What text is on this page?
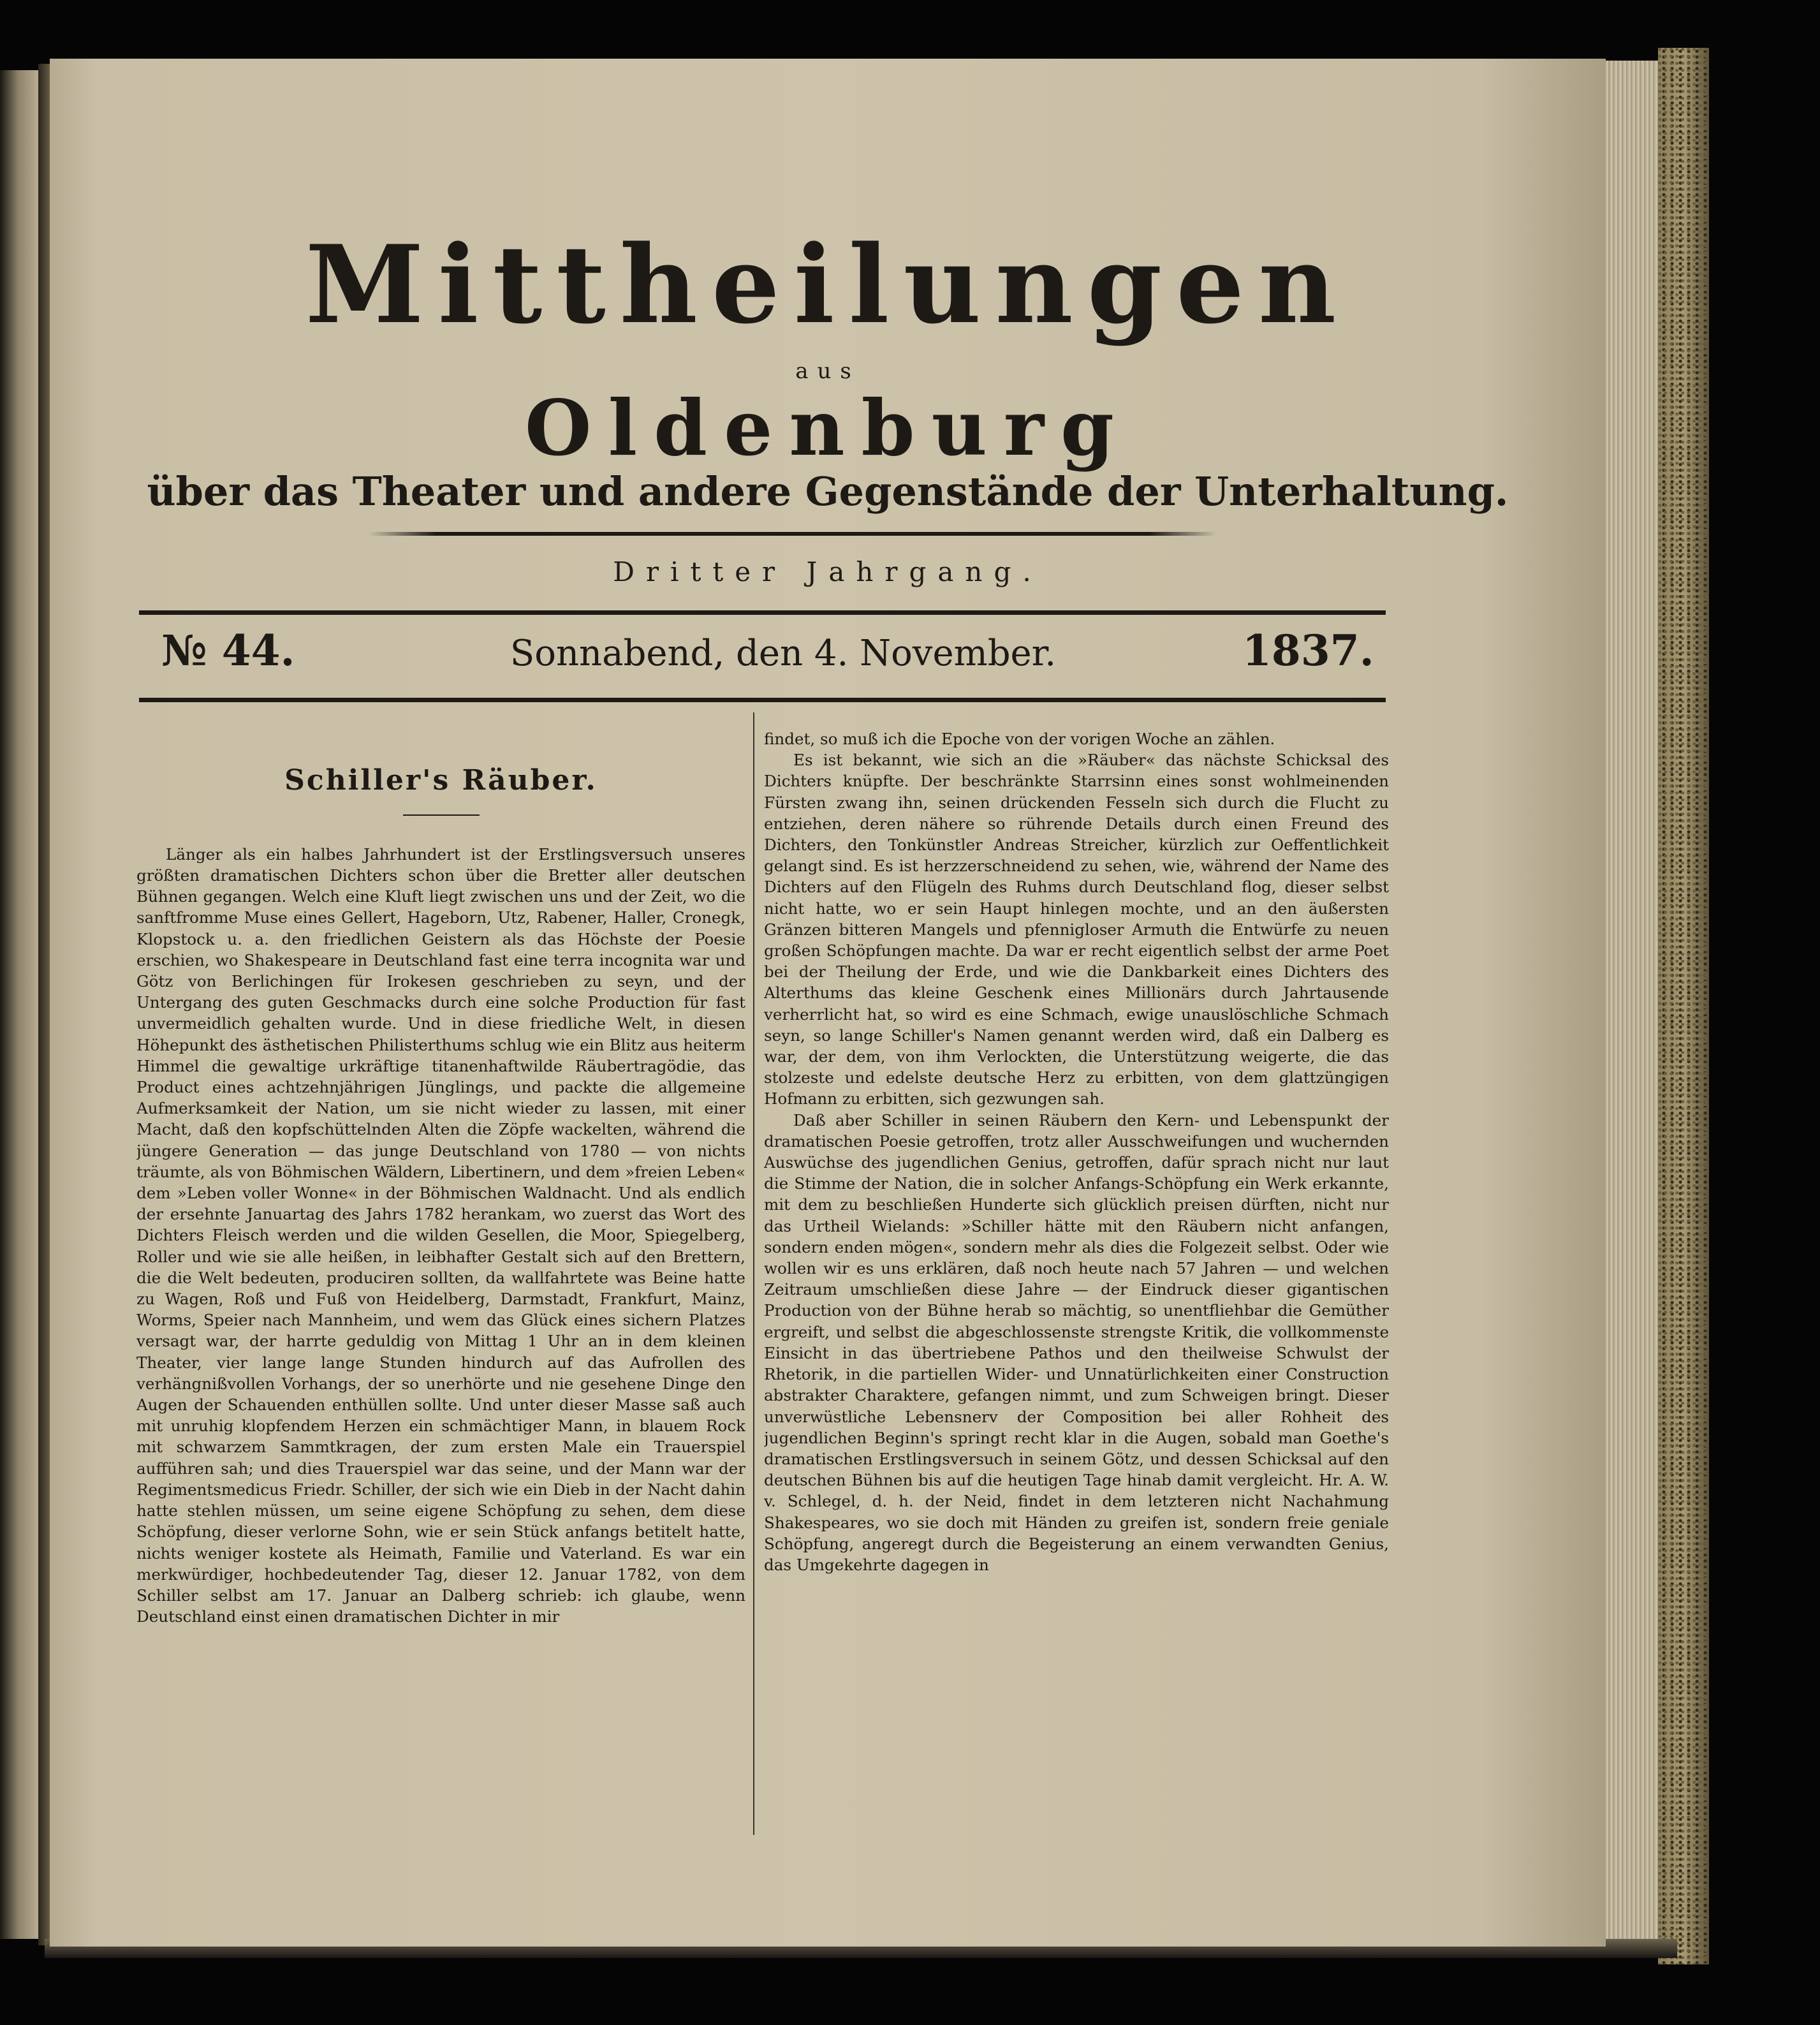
Mittheilungen
aus
Oldenburg
über das Theater und andere Gegenstände der Unterhaltung.
Dritter Jahrgang.
№ 44.	Sonnabend, den 4. November.	1837.
Schiller's Räuber.
Länger als ein halbes Jahrhundert ist der Erstlingsversuch unseres größten dramatischen Dichters schon über die Bretter aller deutschen Bühnen gegangen. Welch eine Kluft liegt zwischen uns und der Zeit, wo die sanftfromme Muse eines Gellert, Hageborn, Utz, Rabener, Haller, Cronegk, Klopstock u. a. den friedlichen Geistern als das Höchste der Poesie erschien, wo Shakespeare in Deutschland fast eine terra incognita war und Götz von Berlichingen für Irokesen geschrieben zu seyn, und der Untergang des guten Geschmacks durch eine solche Production für fast unvermeidlich gehalten wurde. Und in diese friedliche Welt, in diesen Höhepunkt des ästhetischen Philisterthums schlug wie ein Blitz aus heiterm Himmel die gewaltige urkräftige titanenhaftwilde Räubertragödie, das Product eines achtzehnjährigen Jünglings, und packte die allgemeine Aufmerksamkeit der Nation, um sie nicht wieder zu lassen, mit einer Macht, daß den kopfschüttelnden Alten die Zöpfe wackelten, während die jüngere Generation — das junge Deutschland von 1780 — von nichts träumte, als von Böhmischen Wäldern, Libertinern, und dem »freien Leben« dem »Leben voller Wonne« in der Böhmischen Waldnacht. Und als endlich der ersehnte Januartag des Jahrs 1782 herankam, wo zuerst das Wort des Dichters Fleisch werden und die wilden Gesellen, die Moor, Spiegelberg, Roller und wie sie alle heißen, in leibhafter Gestalt sich auf den Brettern, die die Welt bedeuten, produciren sollten, da wallfahrtete was Beine hatte zu Wagen, Roß und Fuß von Heidelberg, Darmstadt, Frankfurt, Mainz, Worms, Speier nach Mannheim, und wem das Glück eines sichern Platzes versagt war, der harrte geduldig von Mittag 1 Uhr an in dem kleinen Theater, vier lange lange Stunden hindurch auf das Aufrollen des verhängnißvollen Vorhangs, der so unerhörte und nie gesehene Dinge den Augen der Schauenden enthüllen sollte. Und unter dieser Masse saß auch mit unruhig klopfendem Herzen ein schmächtiger Mann, in blauem Rock mit schwarzem Sammtkragen, der zum ersten Male ein Trauerspiel aufführen sah; und dies Trauerspiel war das seine, und der Mann war der Regimentsmedicus Friedr. Schiller, der sich wie ein Dieb in der Nacht dahin hatte stehlen müssen, um seine eigene Schöpfung zu sehen, dem diese Schöpfung, dieser verlorne Sohn, wie er sein Stück anfangs betitelt hatte, nichts weniger kostete als Heimath, Familie und Vaterland. Es war ein merkwürdiger, hochbedeutender Tag, dieser 12. Januar 1782, von dem Schiller selbst am 17. Januar an Dalberg schrieb: ich glaube, wenn Deutschland einst einen dramatischen Dichter in mir
findet, so muß ich die Epoche von der vorigen Woche an zählen.
Es ist bekannt, wie sich an die »Räuber« das nächste Schicksal des Dichters knüpfte. Der beschränkte Starrsinn eines sonst wohlmeinenden Fürsten zwang ihn, seinen drückenden Fesseln sich durch die Flucht zu entziehen, deren nähere so rührende Details durch einen Freund des Dichters, den Tonkünstler Andreas Streicher, kürzlich zur Oeffentlichkeit gelangt sind. Es ist herzzerschneidend zu sehen, wie, während der Name des Dichters auf den Flügeln des Ruhms durch Deutschland flog, dieser selbst nicht hatte, wo er sein Haupt hinlegen mochte, und an den äußersten Gränzen bitteren Mangels und pfennigloser Armuth die Entwürfe zu neuen großen Schöpfungen machte. Da war er recht eigentlich selbst der arme Poet bei der Theilung der Erde, und wie die Dankbarkeit eines Dichters des Alterthums das kleine Geschenk eines Millionärs durch Jahrtausende verherrlicht hat, so wird es eine Schmach, ewige unauslöschliche Schmach seyn, so lange Schiller's Namen genannt werden wird, daß ein Dalberg es war, der dem, von ihm Verlockten, die Unterstützung weigerte, die das stolzeste und edelste deutsche Herz zu erbitten, von dem glattzüngigen Hofmann zu erbitten, sich gezwungen sah.
Daß aber Schiller in seinen Räubern den Kern- und Lebenspunkt der dramatischen Poesie getroffen, trotz aller Ausschweifungen und wuchernden Auswüchse des jugendlichen Genius, getroffen, dafür sprach nicht nur laut die Stimme der Nation, die in solcher Anfangs-Schöpfung ein Werk erkannte, mit dem zu beschließen Hunderte sich glücklich preisen dürften, nicht nur das Urtheil Wielands: »Schiller hätte mit den Räubern nicht anfangen, sondern enden mögen«, sondern mehr als dies die Folgezeit selbst. Oder wie wollen wir es uns erklären, daß noch heute nach 57 Jahren — und welchen Zeitraum umschließen diese Jahre — der Eindruck dieser gigantischen Production von der Bühne herab so mächtig, so unentfliehbar die Gemüther ergreift, und selbst die abgeschlossenste strengste Kritik, die vollkommenste Einsicht in das übertriebene Pathos und den theilweise Schwulst der Rhetorik, in die partiellen Wider- und Unnatürlichkeiten einer Construction abstrakter Charaktere, gefangen nimmt, und zum Schweigen bringt. Dieser unverwüstliche Lebensnerv der Composition bei aller Rohheit des jugendlichen Beginn's springt recht klar in die Augen, sobald man Goethe's dramatischen Erstlingsversuch in seinem Götz, und dessen Schicksal auf den deutschen Bühnen bis auf die heutigen Tage hinab damit vergleicht. Hr. A. W. v. Schlegel, d. h. der Neid, findet in dem letzteren nicht Nachahmung Shakespeares, wo sie doch mit Händen zu greifen ist, sondern freie geniale Schöpfung, angeregt durch die Begeisterung an einem verwandten Genius, das Umgekehrte dagegen in
